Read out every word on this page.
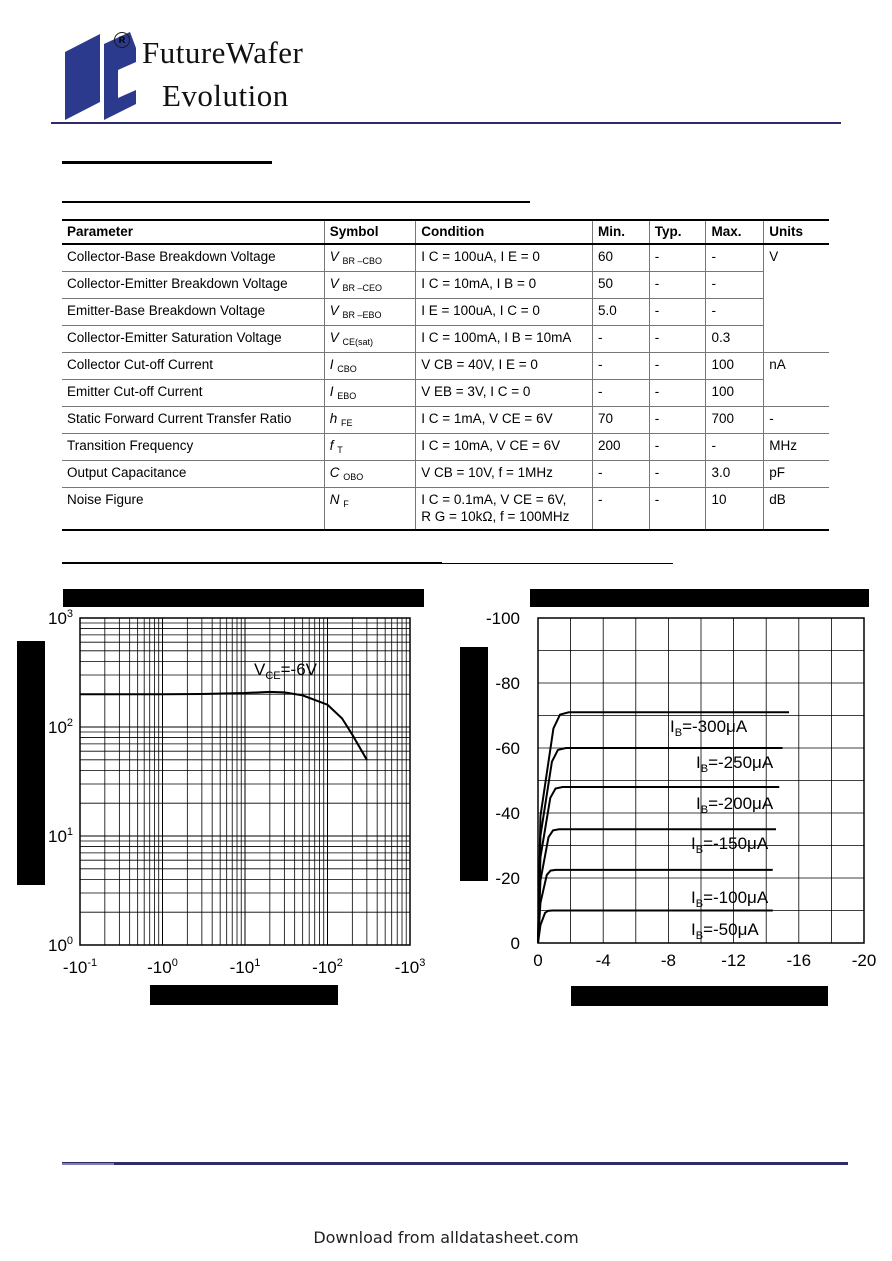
R FutureWafer
Evolution
Parameter	Symbol	Condition	Min.	Typ.	Max.	Units
Collector-Base Breakdown Voltage	V $_{BR -CBO}$	I C = 100uA, I E = 0	60	-	-	V
Collector-Emitter Breakdown Voltage	V $_{BR -CEO}$	I C = 10mA, I B = 0	50	-	-	
Emitter-Base Breakdown Voltage	V $_{BR -EBO}$	I E = 100uA, I C = 0	5.0	-	-	
Collector-Emitter Saturation Voltage	V $_{CE(sat)}$	I C = 100mA, I B = 10mA	-	-	0.3	
Collector Cut-off Current	I $_{CBO}$	V CB = 40V, I E = 0	-	-	100	nA
Emitter Cut-off Current	I $_{EBO}$	V EB = 3V, I C = 0	-	-	100	
Static Forward Current Transfer Ratio	h $_{FE}$	I C = 1mA, V CE = 6V	70	-	700	-
Transition Frequency	f $_T$	I C = 10mA, V CE = 6V	200	-	-	MHz
Output Capacitance	C $_{OBO}$	V CB = 10V, f = 1MHz	-	-	3.0	pF
Noise Figure	N $_F$	I C = 0.1mA, V CE = 6V,
R G = 10kΩ, f = 100MHz	-	-	10	dB
$-10^{-1}$	$-10^0$	$-10^1$	$-10^2$	$-10^3$
$10^0$
$10^1$
$10^2$
$10^3$
$V_{CE}=-6V$
0	-4	-8	-12 -16 -20
0
-20
-40
-60
-80
-100
$I_B=-300\mu A$
$I_B=-250\mu A$
$I_B=-200\mu A$
$I_B=-150\mu A$
$I_B=-100\mu A$
$I_B=-50\mu A$
Download from alldatasheet.com
